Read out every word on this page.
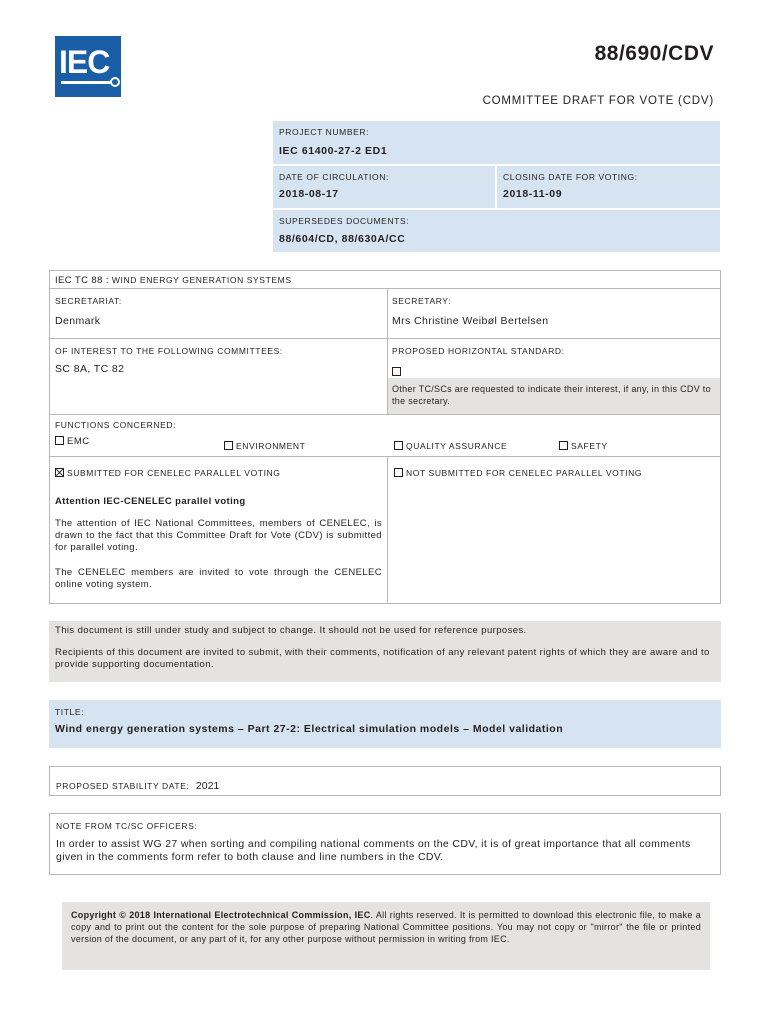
IEC	88/690/CDV
COMMITTEE DRAFT FOR VOTE (CDV)
PROJECT NUMBER:
IEC 61400-27-2 ED1
DATE OF CIRCULATION:
2018-08-17
CLOSING DATE FOR VOTING:
2018-11-09
SUPERSEDES DOCUMENTS:
88/604/CD, 88/630A/CC
IEC TC 88 : WIND ENERGY GENERATION SYSTEMS
SECRETARIAT:
Denmark
SECRETARY:
Mrs Christine Weibøl Bertelsen
OF INTEREST TO THE FOLLOWING COMMITTEES:
SC 8A, TC 82
PROPOSED HORIZONTAL STANDARD:
Other TC/SCs are requested to indicate their interest, if any, in this CDV to the secretary.
FUNCTIONS CONCERNED:
EMC	ENVIRONMENT	QUALITY ASSURANCE	SAFETY
SUBMITTED FOR CENELEC PARALLEL VOTING	NOT SUBMITTED FOR CENELEC PARALLEL VOTING
Attention IEC-CENELEC parallel voting
The attention of IEC National Committees, members of CENELEC, is drawn to the fact that this Committee Draft for Vote (CDV) is submitted for parallel voting.
The CENELEC members are invited to vote through the CENELEC online voting system.
This document is still under study and subject to change. It should not be used for reference purposes.
Recipients of this document are invited to submit, with their comments, notification of any relevant patent rights of which they are aware and to provide supporting documentation.
TITLE:
Wind energy generation systems – Part 27-2: Electrical simulation models – Model validation
PROPOSED STABILITY DATE: 2021
NOTE FROM TC/SC OFFICERS:
In order to assist WG 27 when sorting and compiling national comments on the CDV, it is of great importance that all comments given in the comments form refer to both clause and line numbers in the CDV.
Copyright © 2018 International Electrotechnical Commission, IEC. All rights reserved. It is permitted to download this electronic file, to make a copy and to print out the content for the sole purpose of preparing National Committee positions. You may not copy or "mirror" the file or printed version of the document, or any part of it, for any other purpose without permission in writing from IEC.
